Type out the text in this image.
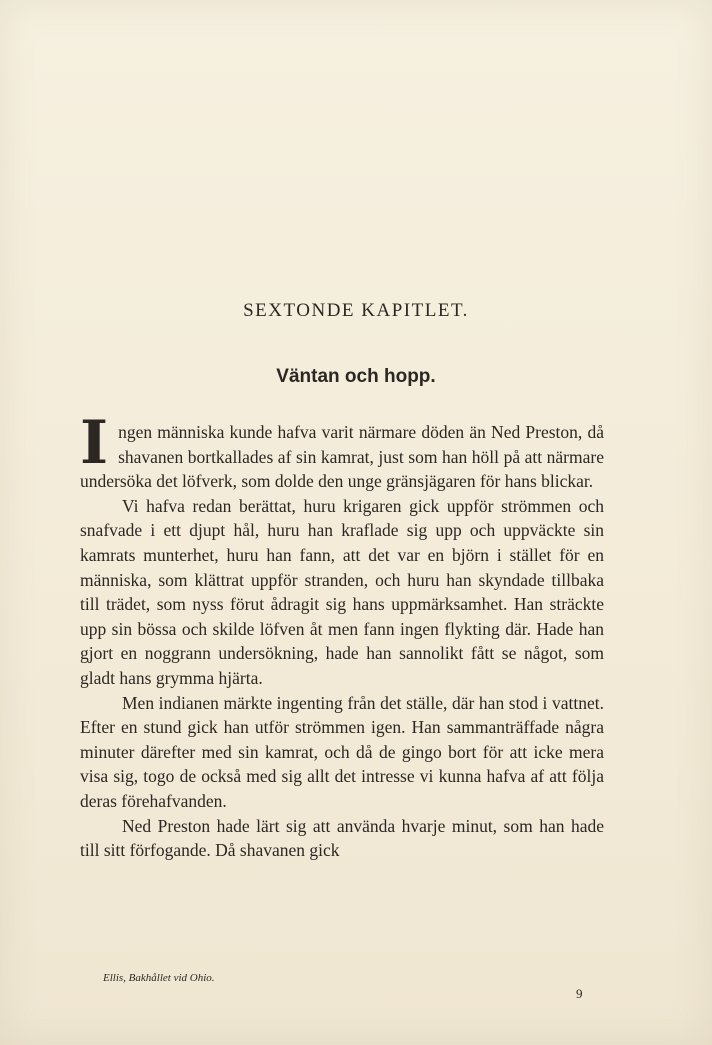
SEXTONDE KAPITLET.
Väntan och hopp.

Ingen människa kunde hafva varit närmare döden än Ned Preston, då shavanen bortkallades af sin kamrat, just som han höll på att närmare undersöka det löfverk, som dolde den unge gränsjägaren för hans blickar.

Vi hafva redan berättat, huru krigaren gick uppför strömmen och snafvade i ett djupt hål, huru han kraflade sig upp och uppväckte sin kamrats munterhet, huru han fann, att det var en björn i stället för en människa, som klättrat uppför stranden, och huru han skyndade tillbaka till trädet, som nyss förut ådragit sig hans uppmärksamhet. Han sträckte upp sin bössa och skilde löfven åt men fann ingen flykting där. Hade han gjort en noggrann undersökning, hade han sannolikt fått se något, som gladt hans grymma hjärta.

Men indianen märkte ingenting från det ställe, där han stod i vattnet. Efter en stund gick han utför strömmen igen. Han sammanträffade några minuter därefter med sin kamrat, och då de gingo bort för att icke mera visa sig, togo de också med sig allt det intresse vi kunna hafva af att följa deras förehafvanden.

Ned Preston hade lärt sig att använda hvarje minut, som han hade till sitt förfogande. Då shavanen gick

Ellis, Bakhållet vid Ohio.
9
